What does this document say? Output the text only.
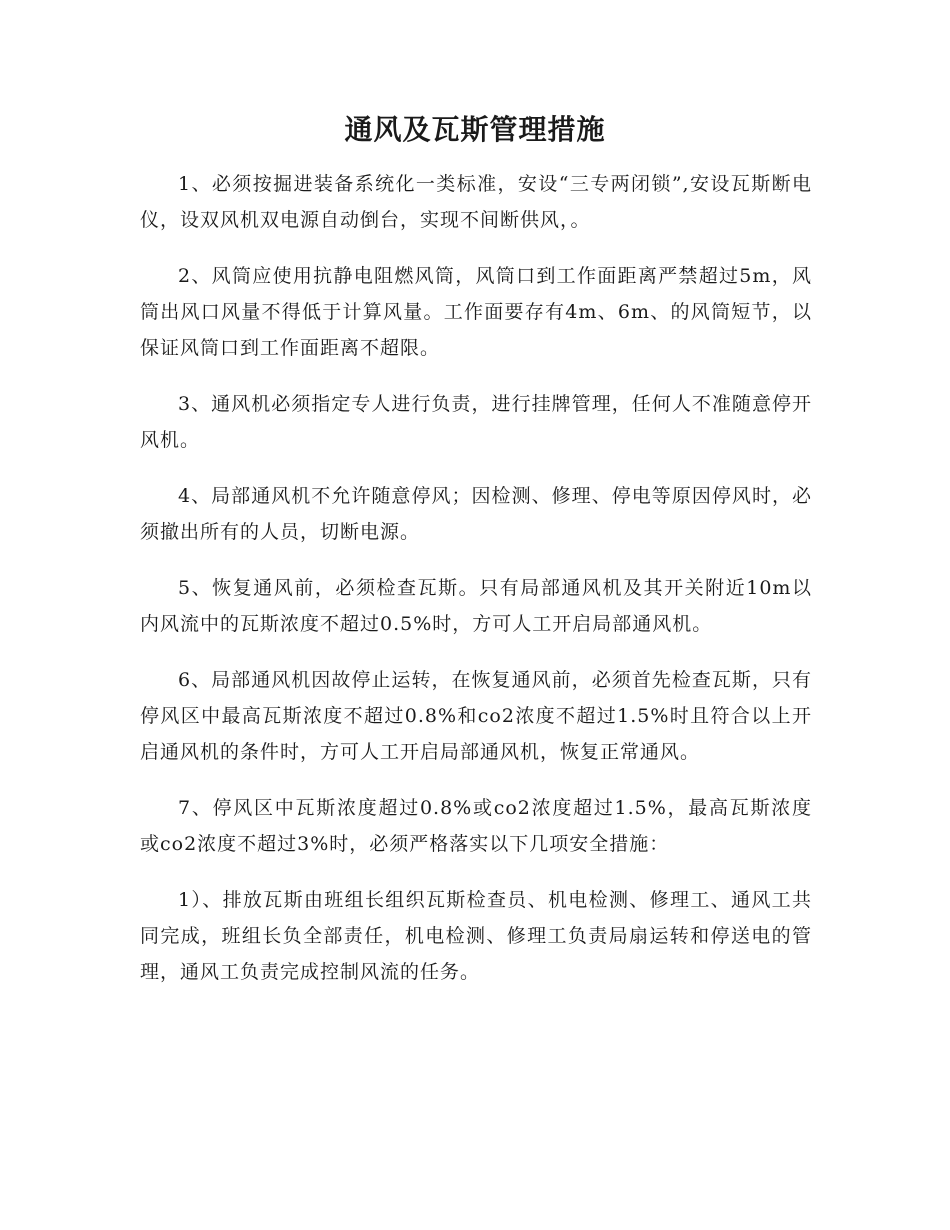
通风及瓦斯管理措施

1、必须按掘进装备系统化一类标准，安设“三专两闭锁”,安设瓦斯断电仪，设双风机双电源自动倒台，实现不间断供风，。

2、风筒应使用抗静电阻燃风筒，风筒口到工作面距离严禁超过5m，风筒出风口风量不得低于计算风量。工作面要存有4m、6m、的风筒短节，以保证风筒口到工作面距离不超限。

3、通风机必须指定专人进行负责，进行挂牌管理，任何人不准随意停开风机。

4、局部通风机不允许随意停风；因检测、修理、停电等原因停风时，必须撤出所有的人员，切断电源。

5、恢复通风前，必须检查瓦斯。只有局部通风机及其开关附近10m以内风流中的瓦斯浓度不超过0.5%时，方可人工开启局部通风机。

6、局部通风机因故停止运转，在恢复通风前，必须首先检查瓦斯，只有停风区中最高瓦斯浓度不超过0.8%和co2浓度不超过1.5%时且符合以上开启通风机的条件时，方可人工开启局部通风机，恢复正常通风。

7、停风区中瓦斯浓度超过0.8%或co2浓度超过1.5%，最高瓦斯浓度或co2浓度不超过3%时，必须严格落实以下几项安全措施：

1）、排放瓦斯由班组长组织瓦斯检查员、机电检测、修理工、通风工共同完成，班组长负全部责任，机电检测、修理工负责局扇运转和停送电的管理，通风工负责完成控制风流的任务。
